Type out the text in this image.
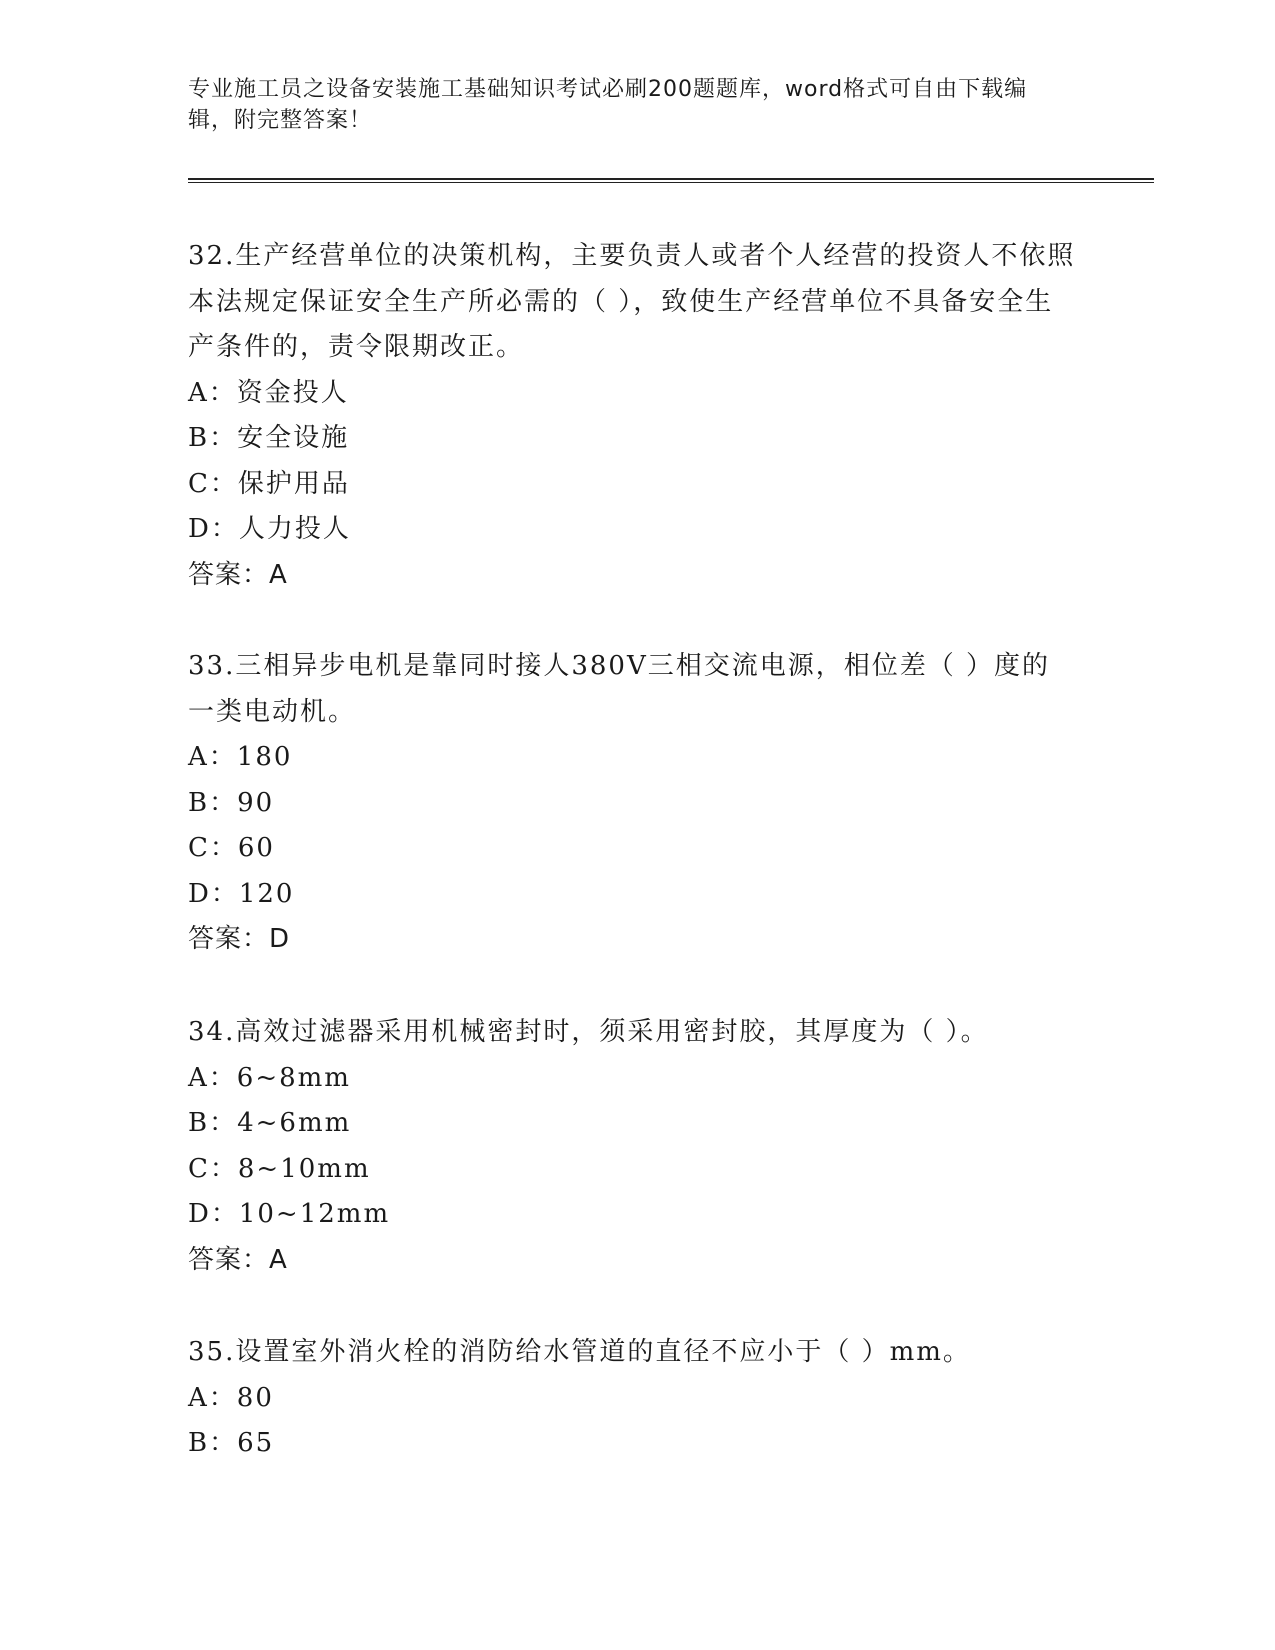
专业施工员之设备安装施工基础知识考试必刷200题题库，word格式可自由下载编辑，附完整答案！

32.生产经营单位的决策机构，主要负责人或者个人经营的投资人不依照本法规定保证安全生产所必需的（ ），致使生产经营单位不具备安全生产条件的，责令限期改正。

A：资金投人

B：安全设施

C：保护用品

D：人力投人

答案：A

33.三相异步电机是靠同时接人380V三相交流电源，相位差（ ）度的一类电动机。

A：180

B：90

C：60

D：120

答案：D

34.高效过滤器采用机械密封时，须采用密封胶，其厚度为（ ）。

A：6~8mm

B：4~6mm

C：8~10mm

D：10~12mm

答案：A

35.设置室外消火栓的消防给水管道的直径不应小于（ ）mm。

A：80

B：65
